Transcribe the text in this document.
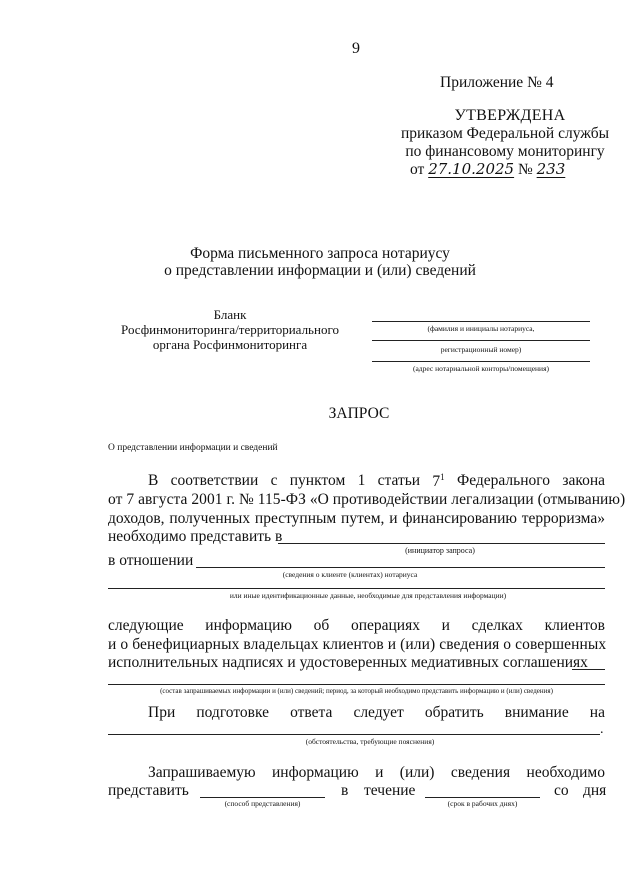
9
Приложение № 4
УТВЕРЖДЕНА
приказом Федеральной службы
по финансовому мониторингу
от 27.10.2025 № 233
Форма письменного запроса нотариусу
о представлении информации и (или) сведений
Бланк
Росфинмониторинга/территориального
органа Росфинмониторинга
(фамилия и инициалы нотариуса,
регистрационный номер)
(адрес нотариальной конторы/помещения)
ЗАПРОС
О представлении информации и сведений
В соответствии с пунктом 1 статьи $7^1$ Федерального закона
от 7 августа 2001 г. № 115-ФЗ «О противодействии легализации (отмыванию)
доходов, полученных преступным путем, и финансированию терроризма»
необходимо представить в
(инициатор запроса)
в отношении
(сведения о клиенте (клиентах) нотариуса
или иные идентификационные данные, необходимые для представления информации)
следующие информацию об операциях и сделках клиентов
и о бенефициарных владельцах клиентов и (или) сведения о совершенных
исполнительных надписях и удостоверенных медиативных соглашениях
(состав запрашиваемых информации и (или) сведений; период, за который необходимо представить информацию и (или) сведения)
При подготовке ответа следует обратить внимание на
.
(обстоятельства, требующие пояснения)
Запрашиваемую информацию и (или) сведения необходимо
представить	в течение	со дня
(способ представления)	(срок в рабочих днях)
